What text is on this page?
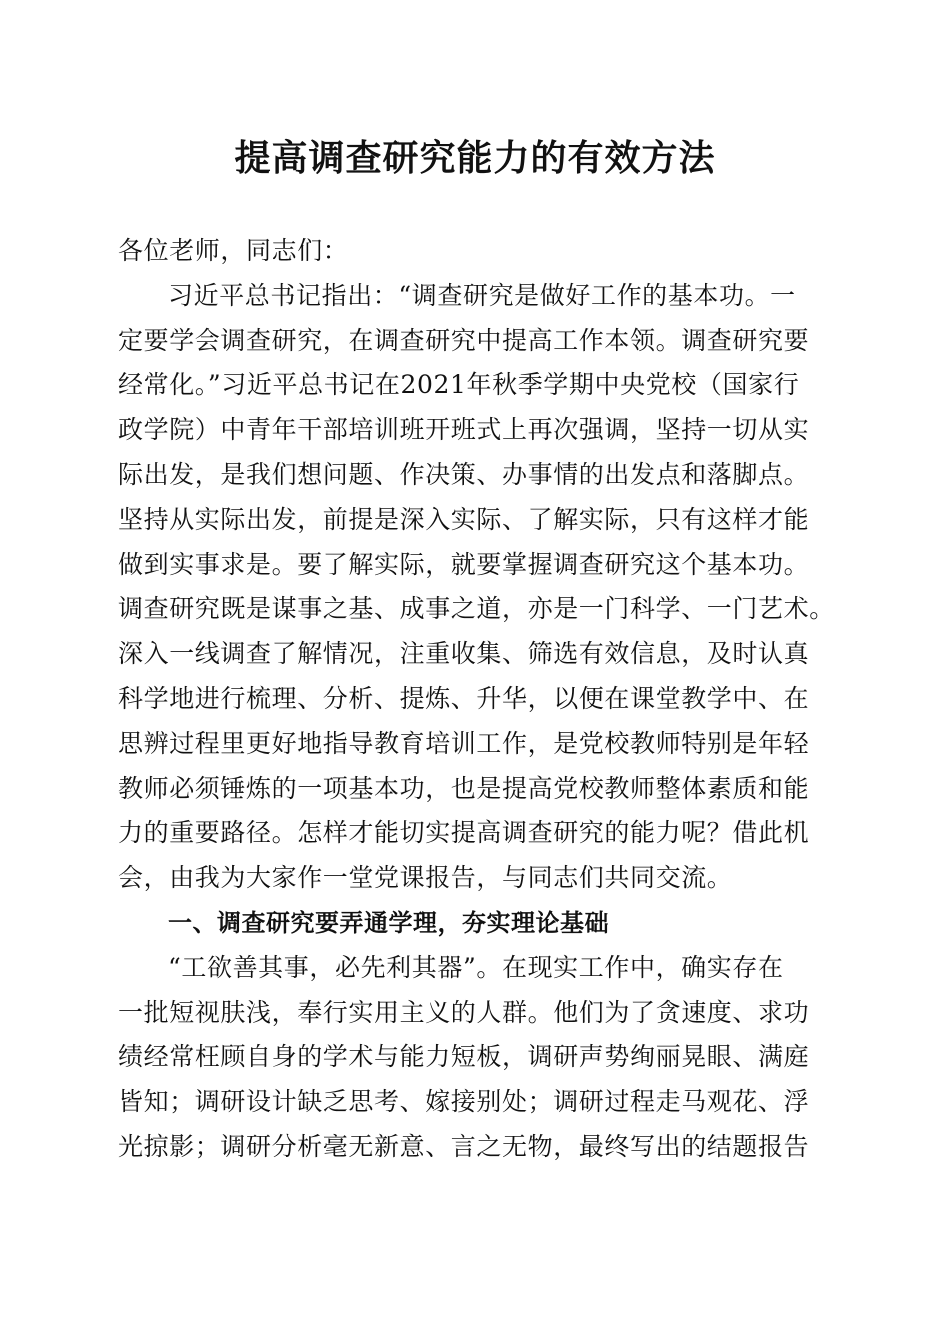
提高调查研究能力的有效方法
各位老师，同志们：
习近平总书记指出：“调查研究是做好工作的基本功。一
定要学会调查研究，在调查研究中提高工作本领。调查研究要
经常化。”习近平总书记在2021年秋季学期中央党校（国家行
政学院）中青年干部培训班开班式上再次强调，坚持一切从实
际出发，是我们想问题、作决策、办事情的出发点和落脚点。
坚持从实际出发，前提是深入实际、了解实际，只有这样才能
做到实事求是。要了解实际，就要掌握调查研究这个基本功。
调查研究既是谋事之基、成事之道，亦是一门科学、一门艺术。
深入一线调查了解情况，注重收集、筛选有效信息，及时认真
科学地进行梳理、分析、提炼、升华，以便在课堂教学中、在
思辨过程里更好地指导教育培训工作，是党校教师特别是年轻
教师必须锤炼的一项基本功，也是提高党校教师整体素质和能
力的重要路径。怎样才能切实提高调查研究的能力呢？借此机
会，由我为大家作一堂党课报告，与同志们共同交流。
一、调查研究要弄通学理，夯实理论基础
“工欲善其事，必先利其器”。在现实工作中，确实存在
一批短视肤浅，奉行实用主义的人群。他们为了贪速度、求功
绩经常枉顾自身的学术与能力短板，调研声势绚丽晃眼、满庭
皆知；调研设计缺乏思考、嫁接别处；调研过程走马观花、浮
光掠影；调研分析毫无新意、言之无物，最终写出的结题报告
